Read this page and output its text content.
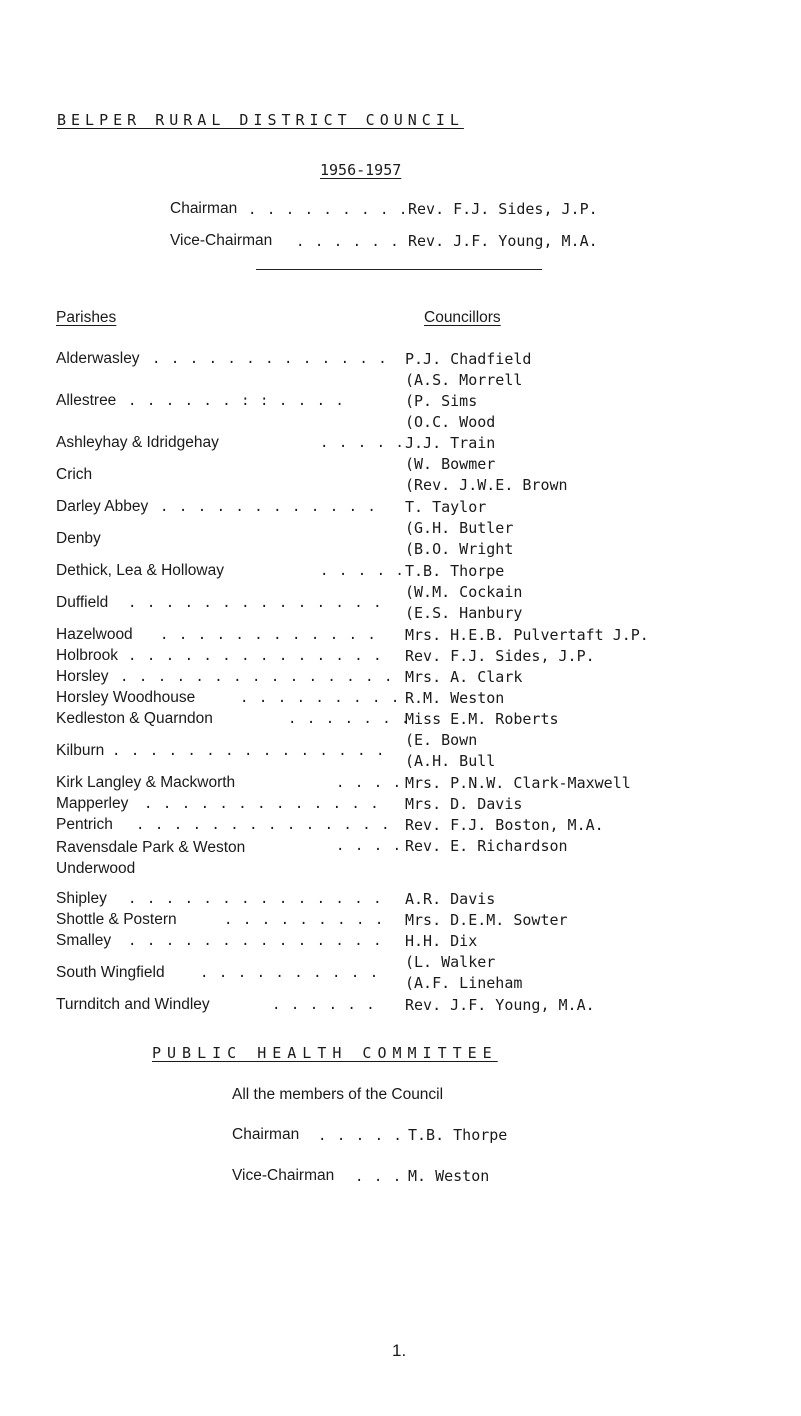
BELPER RURAL DISTRICT COUNCIL
1956-1957
Chairman . . . . . . . . . Rev. F.J. Sides, J.P.
Vice-Chairman . . . . . . Rev. J.F. Young, M.A.
Parishes	Councillors
Alderwasley . . . . . . . . . . . . . P.J. Chadfield
(A.S. Morrell
Allestree . . . . . . : : . . . .	(P. Sims
(O.C. Wood
Ashleyhay & Idridgehay	. . . . . J.J. Train
Crich
(W. Bowmer
(Rev. J.W.E. Brown
Darley Abbey . . . . . . . . . . . . T. Taylor
Denby
(G.H. Butler
(B.O. Wright
Dethick, Lea & Holloway	. . . . . T.B. Thorpe
Duffield . . . . . . . . . . . . . .
(W.M. Cockain
(E.S. Hanbury
Hazelwood . . . . . . . . . . . . Mrs. H.E.B. Pulvertaft J.P.
Holbrook . . . . . . . . . . . . . . Rev. F.J. Sides, J.P.
Horsley . . . . . . . . . . . . . . . Mrs. A. Clark
Horsley Woodhouse	. . . . . . . . . R.M. Weston
Kedleston & Quarndon	. . . . . . .
Miss E.M. Roberts
Kilburn . . . . . . . . . . . . . . .
(E. Bown
(A.H. Bull
Kirk Langley & Mackworth	. . . . Mrs. P.N.W. Clark-Maxwell
Mapperley . . . . . . . . . . . . . Mrs. D. Davis
Pentrich . . . . . . . . . . . . . . Rev. F.J. Boston, M.A.
Ravensdale Park & Weston Underwood
. . . . Rev. E. Richardson
Shipley . . . . . . . . . . . . . . A.R. Davis
Shottle & Postern	. . . . . . . . . Mrs. D.E.M. Sowter
Smalley . . . . . . . . . . . . . . H.H. Dix
South Wingfield	. . . . . . . . . .
(L. Walker
(A.F. Lineham
Turnditch and Windley	. . . . . . Rev. J.F. Young, M.A.
PUBLIC HEALTH COMMITTEE
All the members of the Council
Chairman . . . . . T.B. Thorpe
Vice-Chairman . . . M. Weston
1.
